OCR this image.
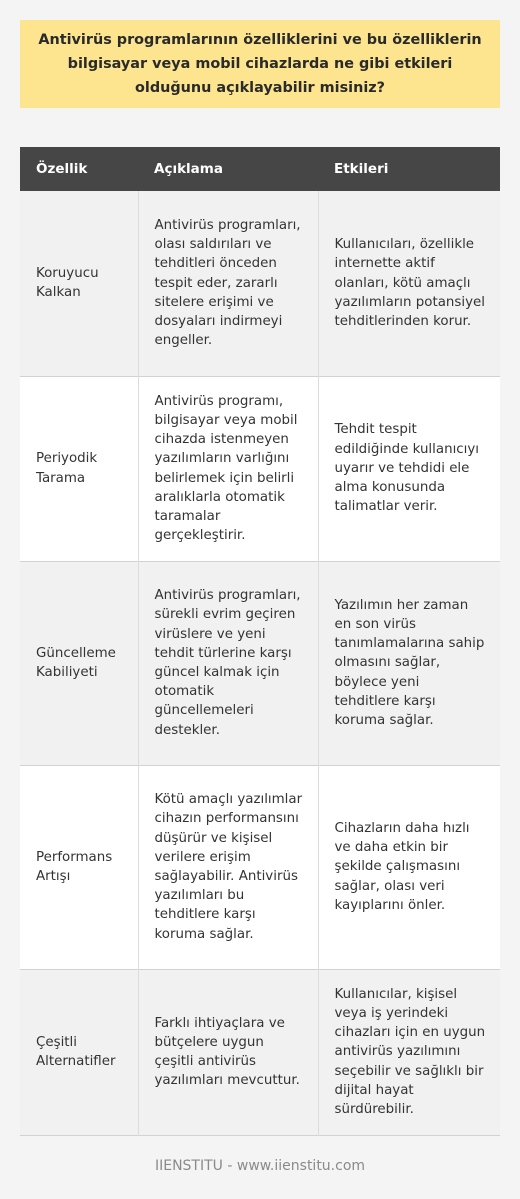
Antivirüs programlarının özelliklerini ve bu özelliklerin bilgisayar veya mobil cihazlarda ne gibi etkileri olduğunu açıklayabilir misiniz?
Özellik	Açıklama	Etkileri
Koruyucu Kalkan	Antivirüs programları, olası saldırıları ve tehditleri önceden tespit eder, zararlı sitelere erişimi ve dosyaları indirmeyi engeller.	Kullanıcıları, özellikle internette aktif olanları, kötü amaçlı yazılımların potansiyel tehditlerinden korur.
Periyodik Tarama	Antivirüs programı, bilgisayar veya mobil cihazda istenmeyen yazılımların varlığını belirlemek için belirli aralıklarla otomatik taramalar gerçekleştirir.	Tehdit tespit edildiğinde kullanıcıyı uyarır ve tehdidi ele alma konusunda talimatlar verir.
Güncelleme Kabiliyeti	Antivirüs programları, sürekli evrim geçiren virüslere ve yeni tehdit türlerine karşı güncel kalmak için otomatik güncellemeleri destekler.	Yazılımın her zaman en son virüs tanımlamalarına sahip olmasını sağlar, böylece yeni tehditlere karşı koruma sağlar.
Performans Artışı	Kötü amaçlı yazılımlar cihazın performansını düşürür ve kişisel verilere erişim sağlayabilir. Antivirüs yazılımları bu tehditlere karşı koruma sağlar.	Cihazların daha hızlı ve daha etkin bir şekilde çalışmasını sağlar, olası veri kayıplarını önler.
Çeşitli Alternatifler	Farklı ihtiyaçlara ve bütçelere uygun çeşitli antivirüs yazılımları mevcuttur.	Kullanıcılar, kişisel veya iş yerindeki cihazları için en uygun antivirüs yazılımını seçebilir ve sağlıklı bir dijital hayat sürdürebilir.
IIENSTITU - www.iienstitu.com
